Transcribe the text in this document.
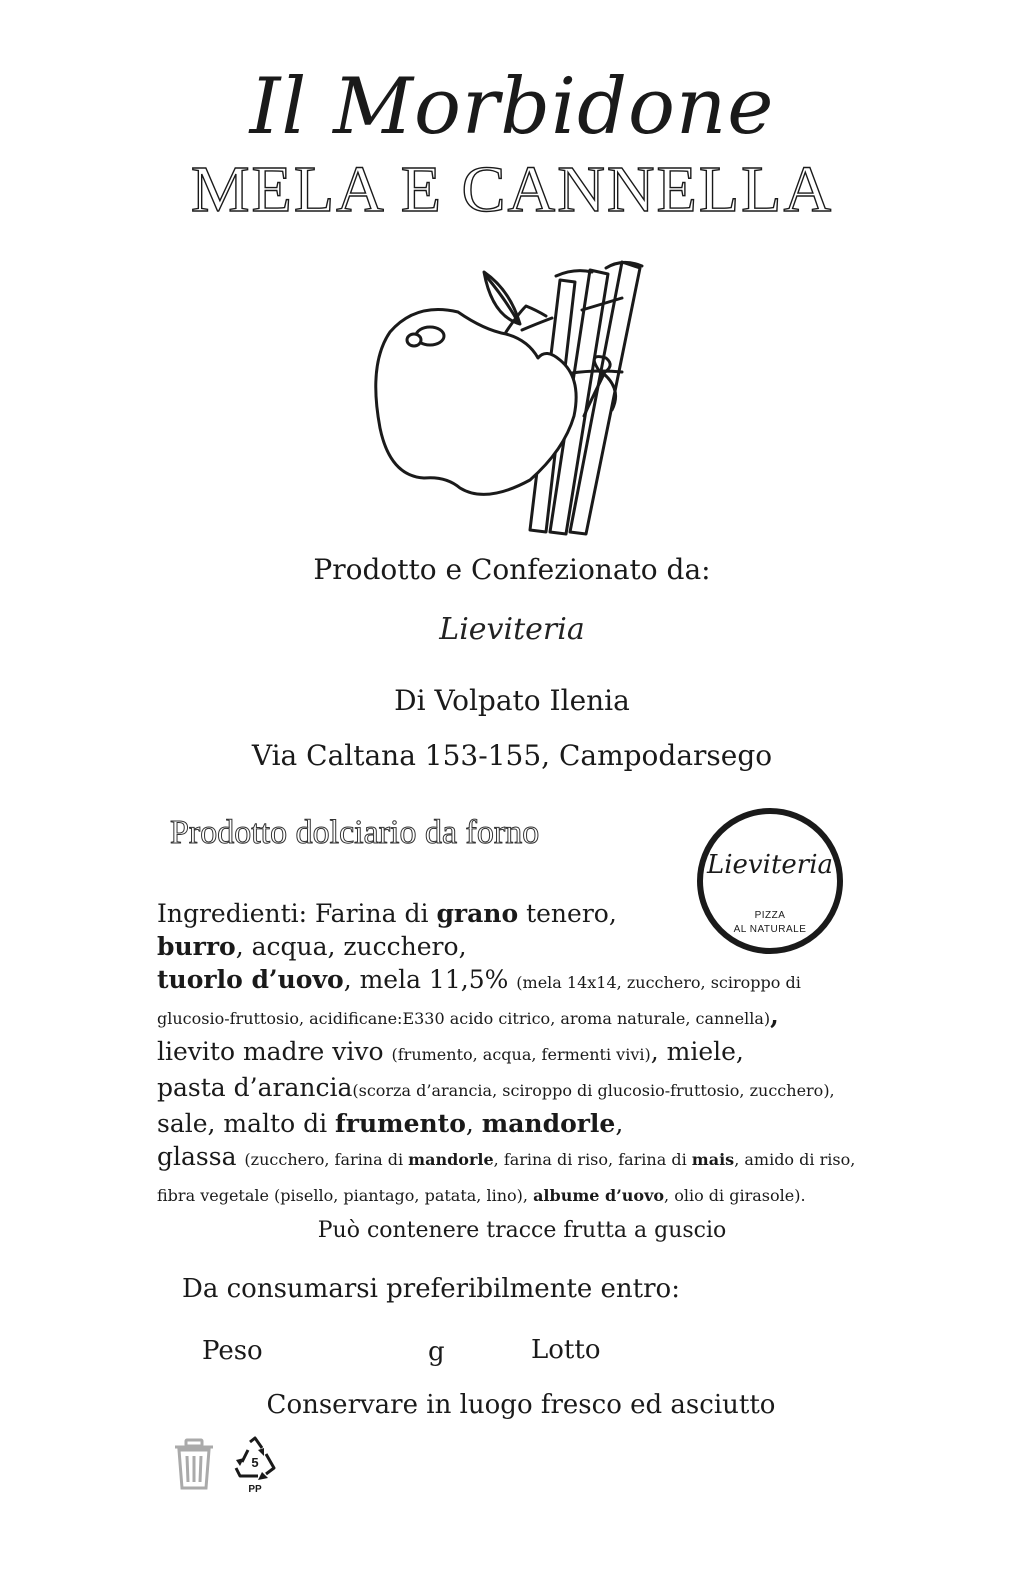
Il Morbidone
MELA E CANNELLA
Prodotto e Confezionato da:
Lieviteria
Di Volpato Ilenia
Via Caltana 153-155, Campodarsego
Prodotto dolciario da forno
Lieviteria
PIZZA
AL NATURALE
Ingredienti: Farina di grano tenero,
burro, acqua, zucchero,
tuorlo d’uovo, mela 11,5% (mela 14x14, zucchero, sciroppo di glucosio-fruttosio, acidificane:E330 acido citrico, aroma naturale, cannella),
lievito madre vivo (frumento, acqua, fermenti vivi), miele,
pasta d’arancia(scorza d’arancia, sciroppo di glucosio-fruttosio, zucchero), sale, malto di frumento, mandorle,
glassa (zucchero, farina di mandorle, farina di riso, farina di mais, amido di riso, fibra vegetale (pisello, piantago, patata, lino), albume d’uovo, olio di girasole).
Può contenere tracce frutta a guscio
Da consumarsi preferibilmente entro:
Peso	g	Lotto
Conservare in luogo fresco ed asciutto
5
PP
